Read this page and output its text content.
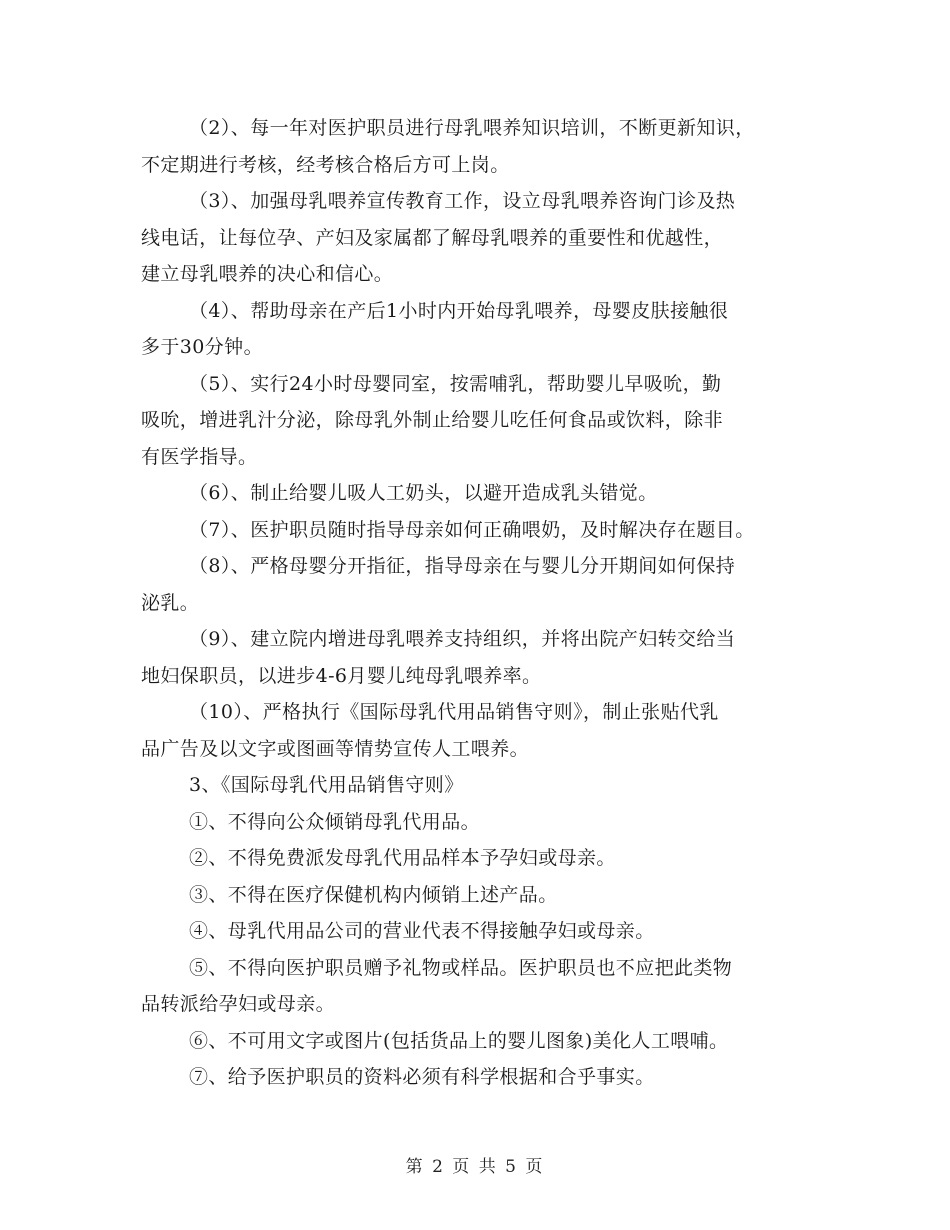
（2）、每一年对医护职员进行母乳喂养知识培训，不断更新知识，
不定期进行考核，经考核合格后方可上岗。

（3）、加强母乳喂养宣传教育工作，设立母乳喂养咨询门诊及热
线电话，让每位孕、产妇及家属都了解母乳喂养的重要性和优越性，
建立母乳喂养的决心和信心。

（4）、帮助母亲在产后1小时内开始母乳喂养，母婴皮肤接触很
多于30分钟。

（5）、实行24小时母婴同室，按需哺乳，帮助婴儿早吸吮，勤
吸吮，增进乳汁分泌，除母乳外制止给婴儿吃任何食品或饮料，除非
有医学指导。

（6）、制止给婴儿吸人工奶头，以避开造成乳头错觉。

（7）、医护职员随时指导母亲如何正确喂奶，及时解决存在题目。

（8）、严格母婴分开指征，指导母亲在与婴儿分开期间如何保持
泌乳。

（9）、建立院内增进母乳喂养支持组织，并将出院产妇转交给当
地妇保职员，以进步4-6月婴儿纯母乳喂养率。

（10）、严格执行《国际母乳代用品销售守则》，制止张贴代乳
品广告及以文字或图画等情势宣传人工喂养。

3、《国际母乳代用品销售守则》

①、不得向公众倾销母乳代用品。

②、不得免费派发母乳代用品样本予孕妇或母亲。

③、不得在医疗保健机构内倾销上述产品。

④、母乳代用品公司的营业代表不得接触孕妇或母亲。

⑤、不得向医护职员赠予礼物或样品。医护职员也不应把此类物
品转派给孕妇或母亲。

⑥、不可用文字或图片(包括货品上的婴儿图象)美化人工喂哺。

⑦、给予医护职员的资料必须有科学根据和合乎事实。

第 2 页 共 5 页
